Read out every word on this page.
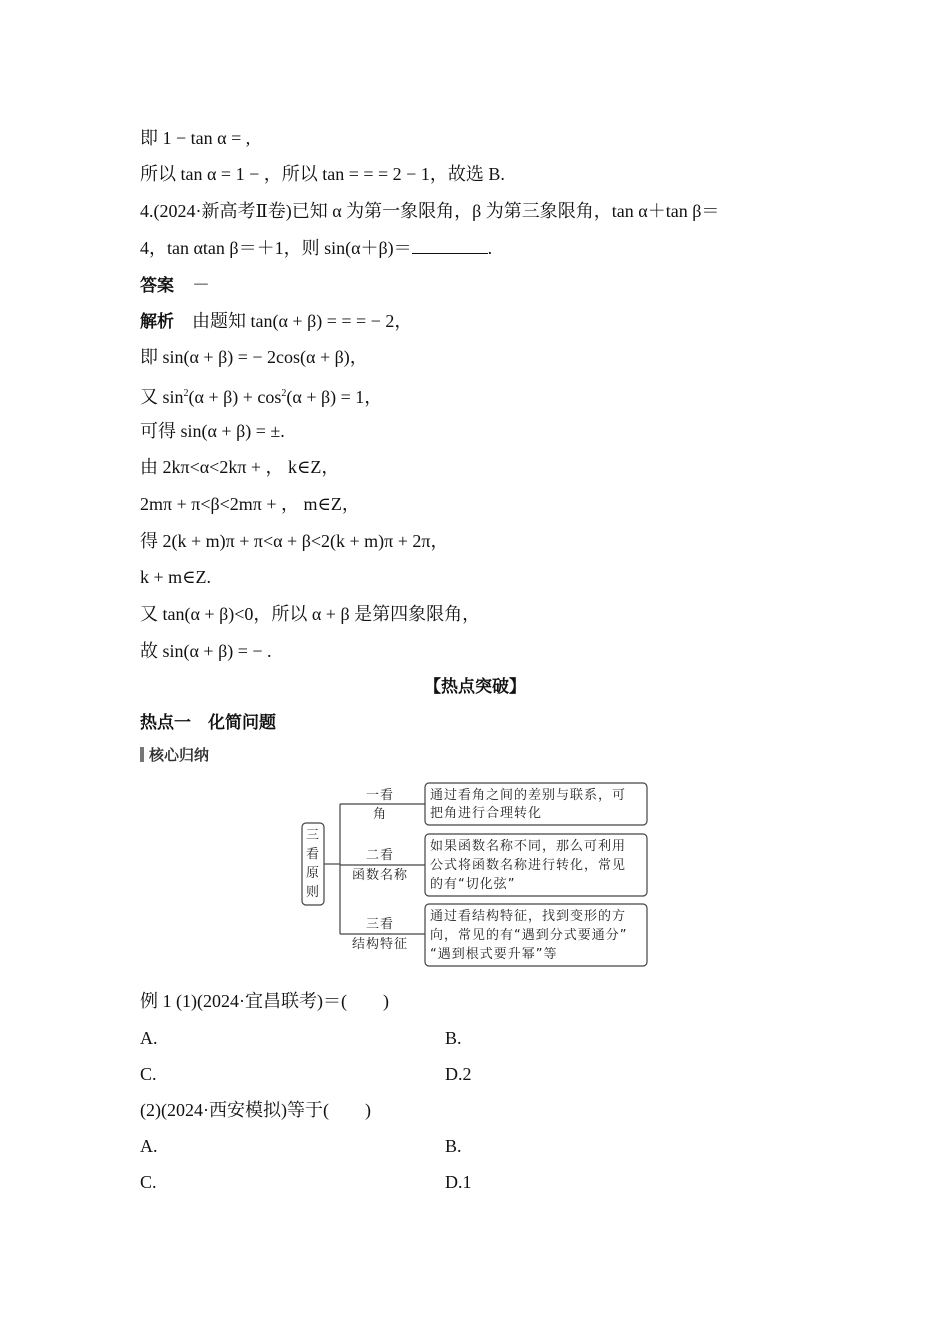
即 1 − tan α = ,
所以 tan α = 1 − ，所以 tan = = = 2 − 1，故选 B.
4.(2024·新高考Ⅱ卷)已知 α 为第一象限角，β 为第三象限角，tan α＋tan β＝
4，tan αtan β＝＋1，则 sin(α＋β)＝	.
答案 －
解析 由题知 tan(α + β) = = = − 2，
即 sin(α + β) = − 2cos(α + β)，
又 $\sin^2(\alpha + \beta) + \cos^2(\alpha + \beta) = 1$，
可得 sin(α + β) = ±.
由 2kπ<α<2kπ + ， k∈Z，
2mπ + π<β<2mπ + ， m∈Z，
得 2(k + m)π + π<α + β<2(k + m)π + 2π，
k + m∈Z.
又 tan(α + β)<0，所以 α + β 是第四象限角，
故 sin(α + β) = − .
【热点突破】
热点一　化简问题
核心归纳
三
看
原
则
一看
角
二看
函数名称
三看
结构特征
通过看角之间的差别与联系，可
把角进行合理转化
如果函数名称不同，那么可利用
公式将函数名称进行转化，常见
的有“切化弦”
通过看结构特征，找到变形的方
向，常见的有“遇到分式要通分”
“遇到根式要升幂”等
例 1 (1)(2024·宜昌联考)＝(　　)
A.	B.
C.	D.2
(2)(2024·西安模拟)等于(　　)
A.	B.
C.	D.1
